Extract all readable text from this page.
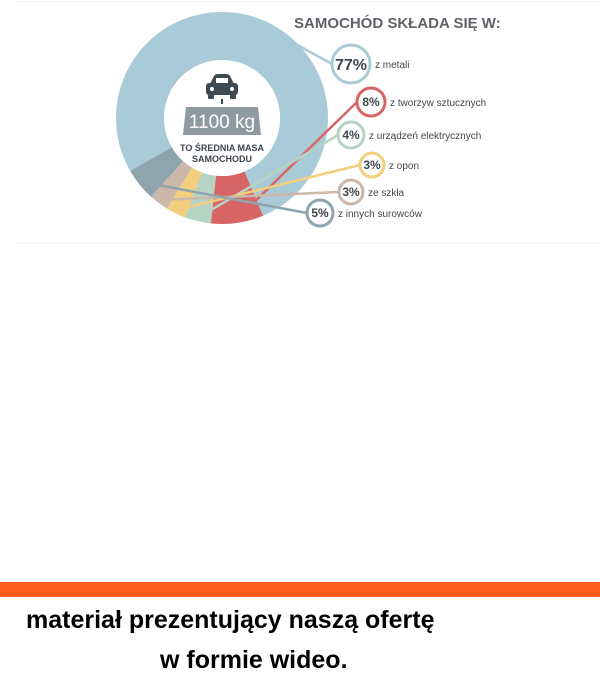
1100 kg
TO ŚREDNIA MASA
SAMOCHODU
SAMOCHÓD SKŁADA SIĘ W:
77% z metali
8% z tworzyw sztucznych
4% z urządzeń elektrycznych
3% z opon
3% ze szkła
5% z innych surowców

materiał prezentujący naszą ofertę

w formie wideo.
